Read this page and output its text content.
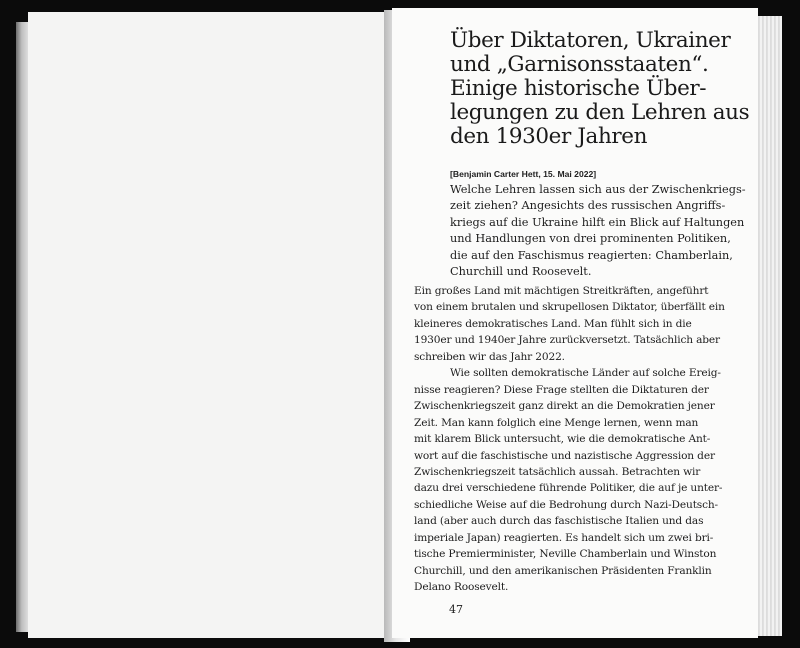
Über Diktatoren, Ukrainer
und „Garnisonsstaaten“.
Einige historische Über-
legungen zu den Lehren aus
den 1930er Jahren
[Benjamin Carter Hett, 15. Mai 2022]
Welche Lehren lassen sich aus der Zwischenkriegs-
zeit ziehen? Angesichts des russischen Angriffs-
kriegs auf die Ukraine hilft ein Blick auf Haltungen
und Handlungen von drei prominenten Politiken,
die auf den Faschismus reagierten: Chamberlain,
Churchill und Roosevelt.
Ein großes Land mit mächtigen Streitkräften, angeführt
von einem brutalen und skrupellosen Diktator, überfällt ein
kleineres demokratisches Land. Man fühlt sich in die
1930er und 1940er Jahre zurückversetzt. Tatsächlich aber
schreiben wir das Jahr 2022.
Wie sollten demokratische Länder auf solche Ereig-
nisse reagieren? Diese Frage stellten die Diktaturen der
Zwischenkriegszeit ganz direkt an die Demokratien jener
Zeit. Man kann folglich eine Menge lernen, wenn man
mit klarem Blick untersucht, wie die demokratische Ant-
wort auf die faschistische und nazistische Aggression der
Zwischenkriegszeit tatsächlich aussah. Betrachten wir
dazu drei verschiedene führende Politiker, die auf je unter-
schiedliche Weise auf die Bedrohung durch Nazi-Deutsch-
land (aber auch durch das faschistische Italien und das
imperiale Japan) reagierten. Es handelt sich um zwei bri-
tische Premierminister, Neville Chamberlain und Winston
Churchill, und den amerikanischen Präsidenten Franklin
Delano Roosevelt.
47
